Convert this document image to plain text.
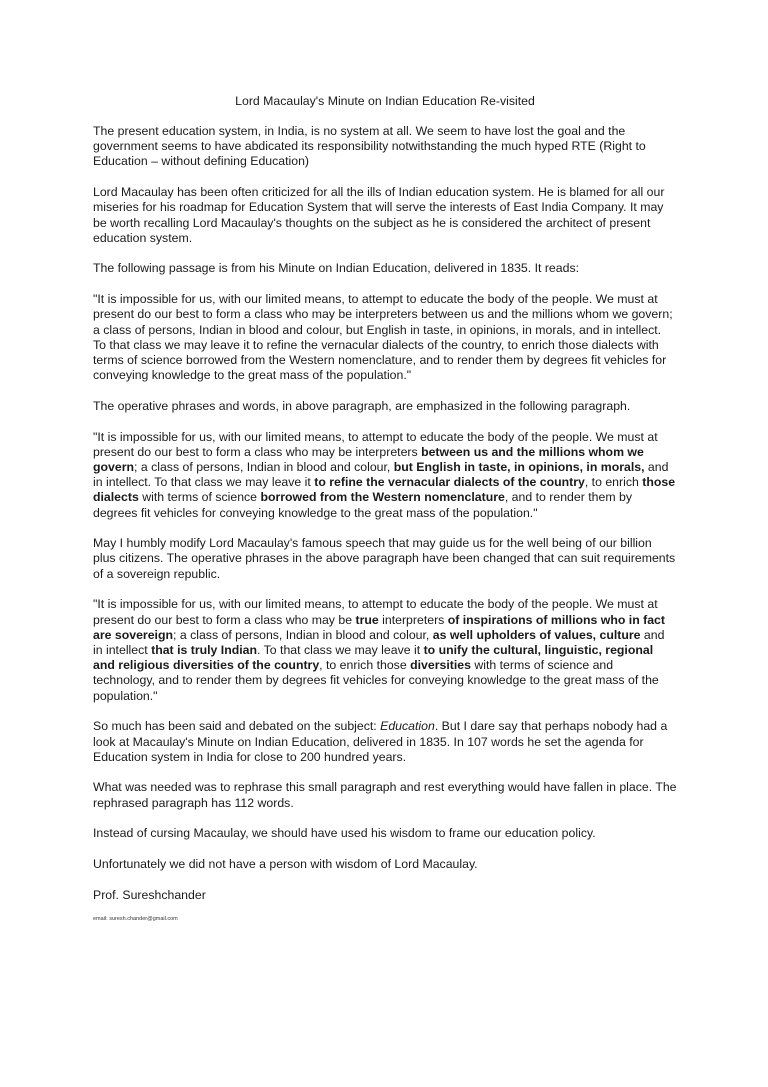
Lord Macaulay's Minute on Indian Education Re-visited

The present education system, in India, is no system at all. We seem to have lost the goal and the government seems to have abdicated its responsibility notwithstanding the much hyped RTE (Right to Education – without defining Education)

Lord Macaulay has been often criticized for all the ills of Indian education system. He is blamed for all our miseries for his roadmap for Education System that will serve the interests of East India Company. It may be worth recalling Lord Macaulay's thoughts on the subject as he is considered the architect of present education system.

The following passage is from his Minute on Indian Education, delivered in 1835. It reads:

"It is impossible for us, with our limited means, to attempt to educate the body of the people. We must at present do our best to form a class who may be interpreters between us and the millions whom we govern; a class of persons, Indian in blood and colour, but English in taste, in opinions, in morals, and in intellect. To that class we may leave it to refine the vernacular dialects of the country, to enrich those dialects with terms of science borrowed from the Western nomenclature, and to render them by degrees fit vehicles for conveying knowledge to the great mass of the population."

The operative phrases and words, in above paragraph, are emphasized in the following paragraph.

"It is impossible for us, with our limited means, to attempt to educate the body of the people. We must at present do our best to form a class who may be interpreters between us and the millions whom we govern; a class of persons, Indian in blood and colour, but English in taste, in opinions, in morals, and in intellect. To that class we may leave it to refine the vernacular dialects of the country, to enrich those dialects with terms of science borrowed from the Western nomenclature, and to render them by degrees fit vehicles for conveying knowledge to the great mass of the population."

May I humbly modify Lord Macaulay's famous speech that may guide us for the well being of our billion plus citizens. The operative phrases in the above paragraph have been changed that can suit requirements of a sovereign republic.

"It is impossible for us, with our limited means, to attempt to educate the body of the people. We must at present do our best to form a class who may be true interpreters of inspirations of millions who in fact are sovereign; a class of persons, Indian in blood and colour, as well upholders of values, culture and in intellect that is truly Indian. To that class we may leave it to unify the cultural, linguistic, regional and religious diversities of the country, to enrich those diversities with terms of science and technology, and to render them by degrees fit vehicles for conveying knowledge to the great mass of the population."

So much has been said and debated on the subject: Education. But I dare say that perhaps nobody had a look at Macaulay's Minute on Indian Education, delivered in 1835. In 107 words he set the agenda for Education system in India for close to 200 hundred years.

What was needed was to rephrase this small paragraph and rest everything would have fallen in place. The rephrased paragraph has 112 words.

Instead of cursing Macaulay, we should have used his wisdom to frame our education policy.

Unfortunately we did not have a person with wisdom of Lord Macaulay.

Prof. Sureshchander

email: suresh.chander@gmail.com
